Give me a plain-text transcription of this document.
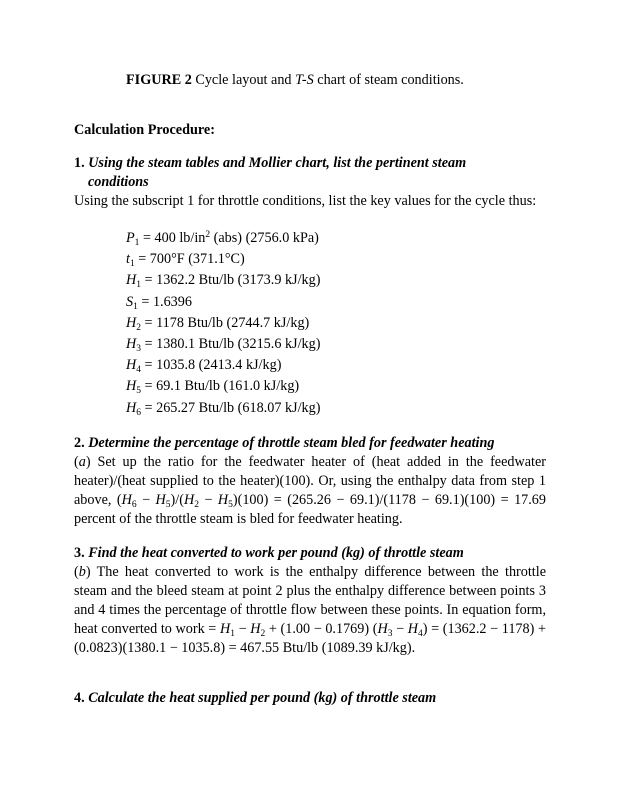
FIGURE 2 Cycle layout and T-S chart of steam conditions.
Calculation Procedure:
1. Using the steam tables and Mollier chart, list the pertinent steam
conditions
Using the subscript 1 for throttle conditions, list the key values for the cycle thus:
$P_1 = 400$ $lb/in^2$ (abs) (2756.0 kPa)
$t_1 = 700^\circ F$ (371.1°C)
$H_1 = 1362.2$ Btu/lb (3173.9 kJ/kg)
$S_1 = 1.6396$
$H_2 = 1178$ Btu/lb (2744.7 kJ/kg)
$H_3 = 1380.1$ Btu/lb (3215.6 kJ/kg)
$H_4 = 1035.8$ (2413.4 kJ/kg)
$H_5 = 69.1$ Btu/lb (161.0 kJ/kg)
$H_6 = 265.27$ Btu/lb (618.07 kJ/kg)
2. Determine the percentage of throttle steam bled for feedwater heating
(a) Set up the ratio for the feedwater heater of (heat added in the feedwater heater)/(heat supplied to the heater)(100). Or, using the enthalpy data from step 1 above, $(H_6 - H_5)/(H_2 - H_5)(100) = (265.26 - 69.1)/(1178 - 69.1)(100) = 17.69$ percent of the throttle steam is bled for feedwater heating.
3. Find the heat converted to work per pound (kg) of throttle steam
(b) The heat converted to work is the enthalpy difference between the throttle steam and the bleed steam at point 2 plus the enthalpy difference between points 3 and 4 times the percentage of throttle flow between these points. In equation form, heat converted to work = $H_1 - H_2 + (1.00 - 0.1769) (H_3 - H_4) = (1362.2 - 1178) + (0.0823)(1380.1 - 1035.8) = 467.55$ Btu/lb (1089.39 kJ/kg).
4. Calculate the heat supplied per pound (kg) of throttle steam
